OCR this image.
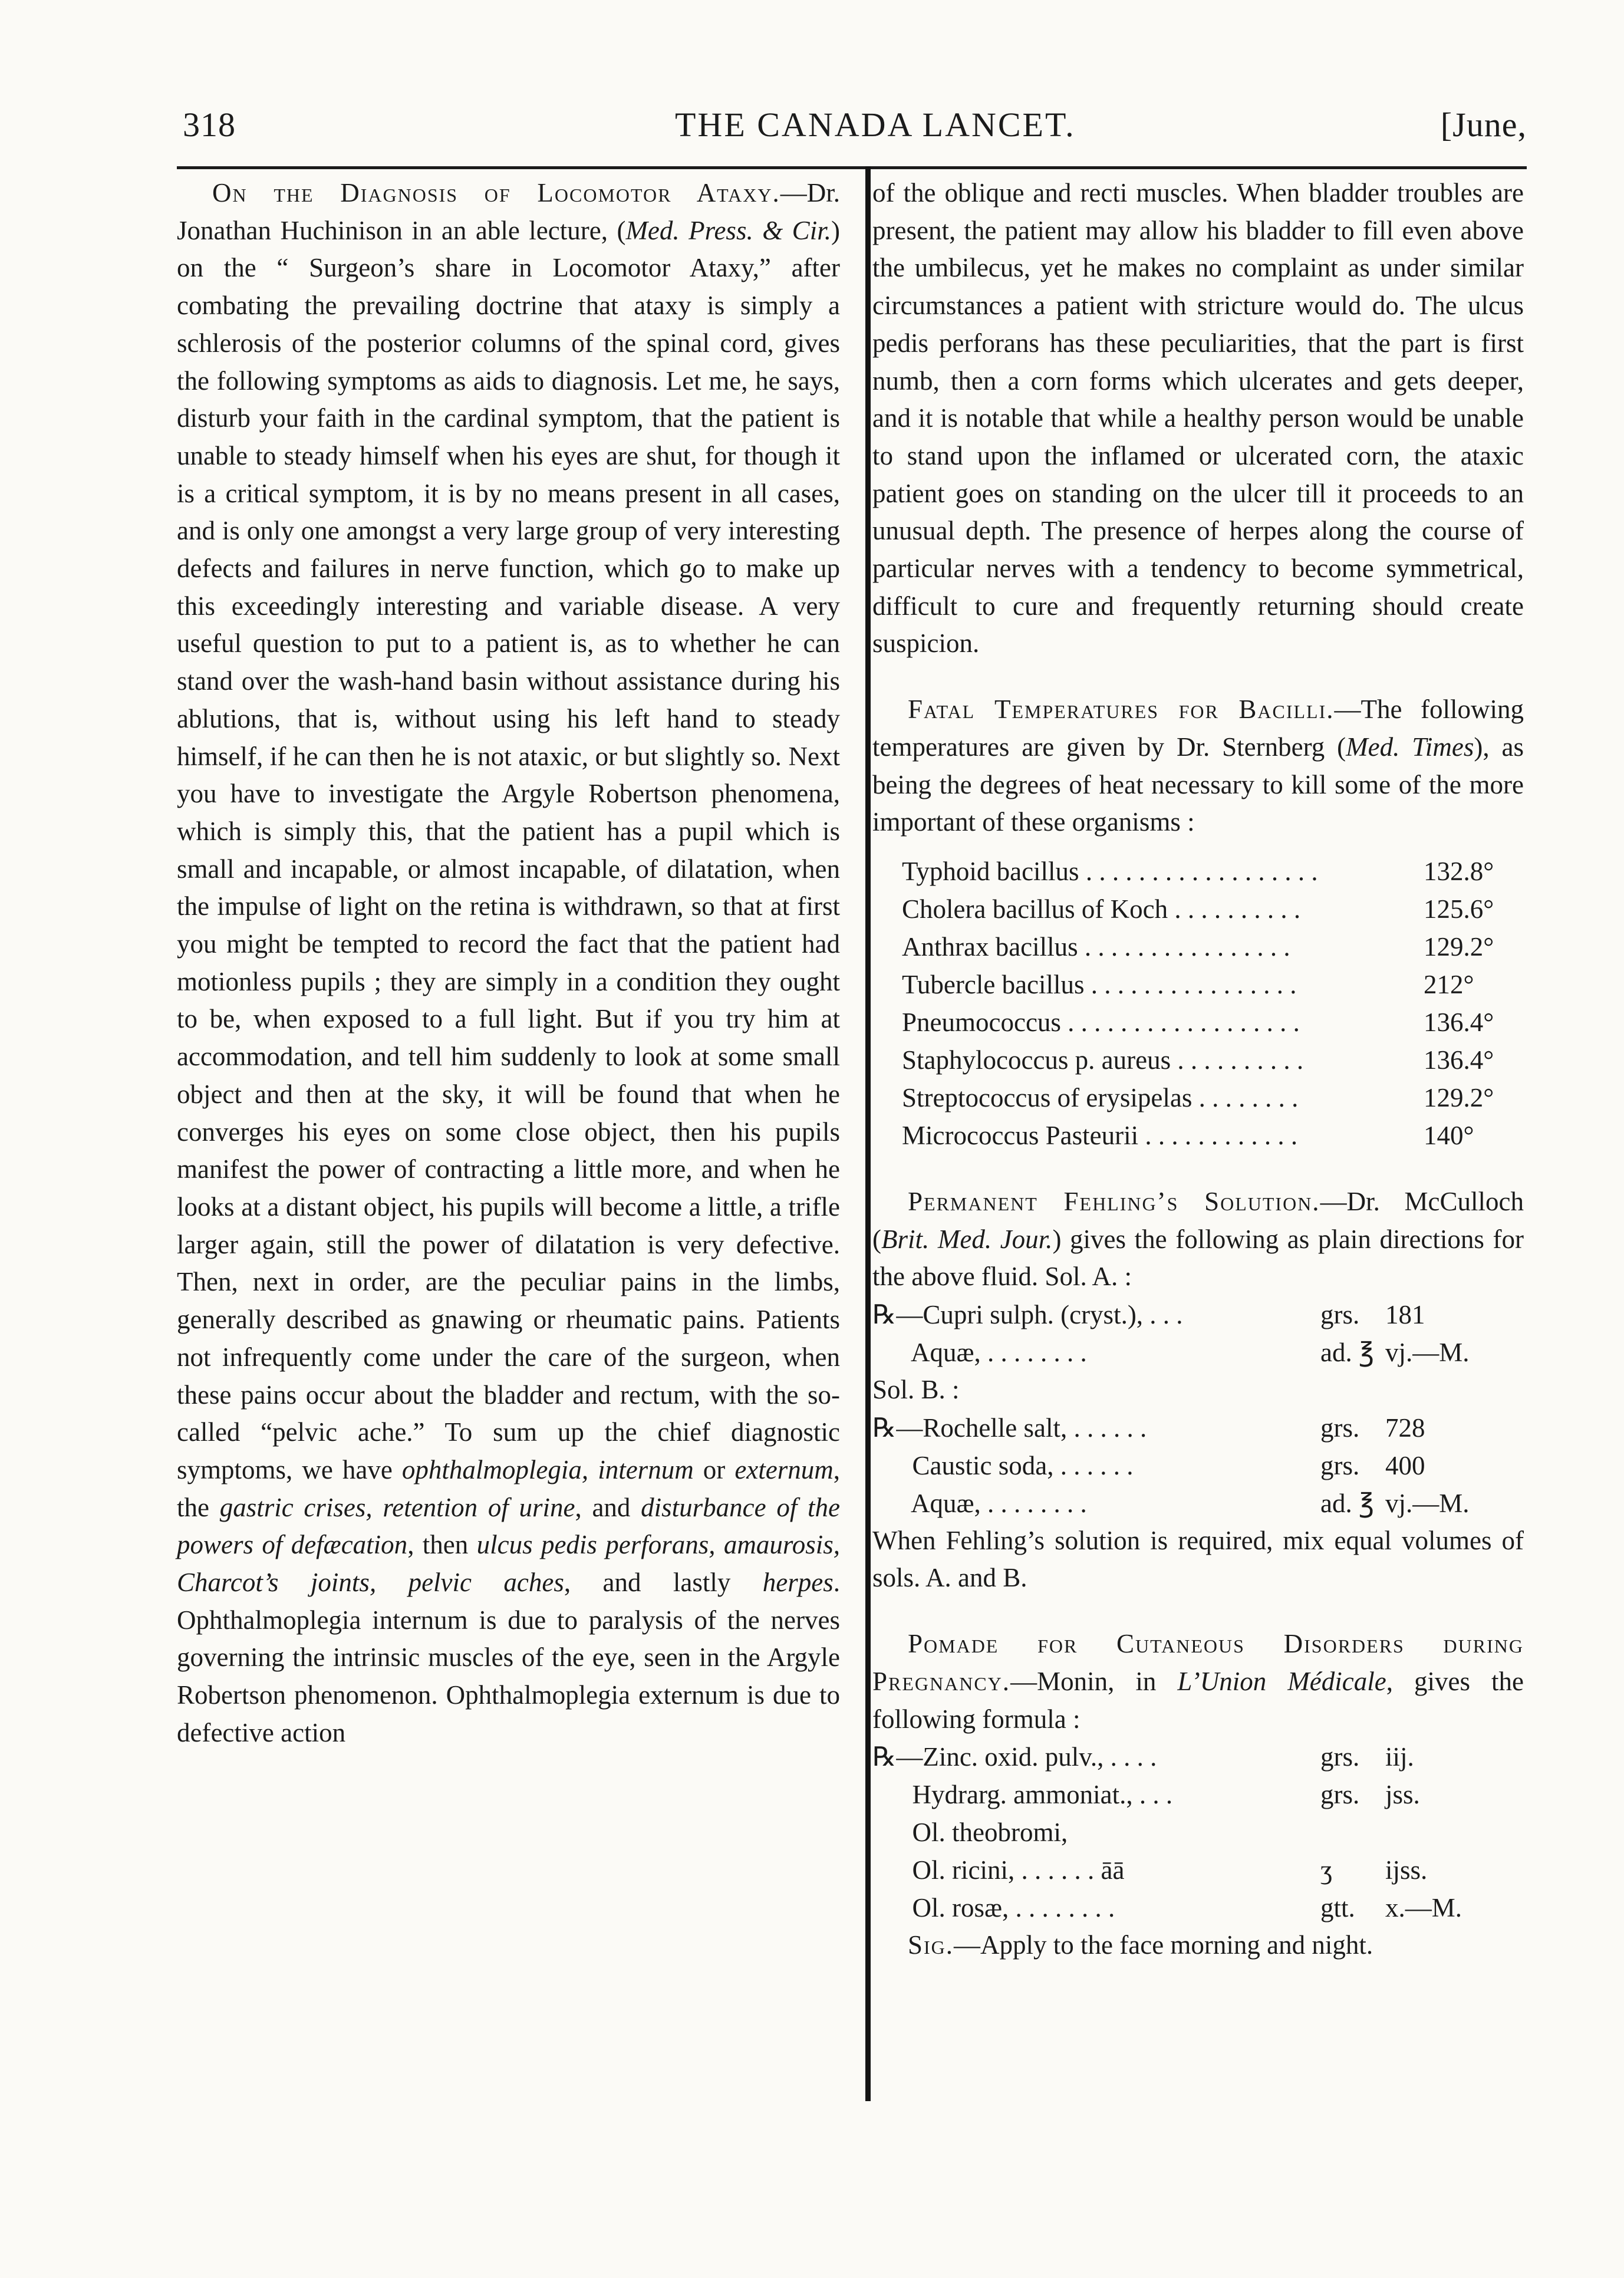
318	THE CANADA LANCET.	[June,

On the Diagnosis of Locomotor Ataxy.—Dr. Jonathan Huchinison in an able lecture, (Med. Press. & Cir.) on the “ Surgeon’s share in Locomotor Ataxy,” after combating the prevailing doctrine that ataxy is simply a schlerosis of the posterior columns of the spinal cord, gives the following symptoms as aids to diagnosis. Let me, he says, disturb your faith in the cardinal symptom, that the patient is unable to steady himself when his eyes are shut, for though it is a critical symptom, it is by no means present in all cases, and is only one amongst a very large group of very interesting defects and failures in nerve function, which go to make up this exceedingly interesting and variable disease. A very useful question to put to a patient is, as to whether he can stand over the wash-hand basin without assistance during his ablutions, that is, without using his left hand to steady himself, if he can then he is not ataxic, or but slightly so. Next you have to investigate the Argyle Robertson phenomena, which is simply this, that the patient has a pupil which is small and incapable, or almost incapable, of dilatation, when the impulse of light on the retina is withdrawn, so that at first you might be tempted to record the fact that the patient had motionless pupils ; they are simply in a condition they ought to be, when exposed to a full light. But if you try him at accommodation, and tell him suddenly to look at some small object and then at the sky, it will be found that when he converges his eyes on some close object, then his pupils manifest the power of contracting a little more, and when he looks at a distant object, his pupils will become a little, a trifle larger again, still the power of dilatation is very defective. Then, next in order, are the peculiar pains in the limbs, generally described as gnawing or rheumatic pains. Patients not infrequently come under the care of the surgeon, when these pains occur about the bladder and rectum, with the so-called “pelvic ache.” To sum up the chief diagnostic symptoms, we have ophthalmoplegia, internum or externum, the gastric crises, retention of urine, and disturbance of the powers of defæcation, then ulcus pedis perforans, amaurosis, Charcot’s joints, pelvic aches, and lastly herpes. Ophthalmoplegia internum is due to paralysis of the nerves governing the intrinsic muscles of the eye, seen in the Argyle Robertson phenomenon. Ophthalmoplegia externum is due to defective action

of the oblique and recti muscles. When bladder troubles are present, the patient may allow his bladder to fill even above the umbilecus, yet he makes no complaint as under similar circumstances a patient with stricture would do. The ulcus pedis perforans has these peculiarities, that the part is first numb, then a corn forms which ulcerates and gets deeper, and it is notable that while a healthy person would be unable to stand upon the inflamed or ulcerated corn, the ataxic patient goes on standing on the ulcer till it proceeds to an unusual depth. The presence of herpes along the course of particular nerves with a tendency to become symmetrical, difficult to cure and frequently returning should create suspicion.

Fatal Temperatures for Bacilli.—The following temperatures are given by Dr. Sternberg (Med. Times), as being the degrees of heat necessary to kill some of the more important of these organisms :

Typhoid bacillus . . . . . . . . . . . . . . . . . .	132.8°
Cholera bacillus of Koch . . . . . . . . . .	125.6°
Anthrax bacillus . . . . . . . . . . . . . . . .	129.2°
Tubercle bacillus . . . . . . . . . . . . . . . .	212°
Pneumococcus . . . . . . . . . . . . . . . . . .	136.4°
Staphylococcus p. aureus . . . . . . . . . .	136.4°
Streptococcus of erysipelas . . . . . . . .	129.2°
Micrococcus Pasteurii . . . . . . . . . . . .	140°

Permanent Fehling’s Solution.—Dr. McCulloch (Brit. Med. Jour.) gives the following as plain directions for the above fluid. Sol. A. :

℞—Cupri sulph. (cryst.), . . .	grs. 181
Aquæ, . . . . . . . .	ad. ℥ vj.—M.

Sol. B. :

℞—Rochelle salt, . . . . . .	grs. 728
Caustic soda, . . . . . .	grs. 400
Aquæ, . . . . . . . .	ad. ℥ vj.—M.

When Fehling’s solution is required, mix equal volumes of sols. A. and B.

Pomade for Cutaneous Disorders during Pregnancy.—Monin, in L’Union Médicale, gives the following formula :

℞—Zinc. oxid. pulv., . . . .	grs. iij.
Hydrarg. ammoniat., . . .	grs. jss.
Ol. theobromi,
Ol. ricini, . . . . . . āā	ʒ	ijss.
Ol. rosæ, . . . . . . . .	gtt.	x.—M.

Sig.—Apply to the face morning and night.
